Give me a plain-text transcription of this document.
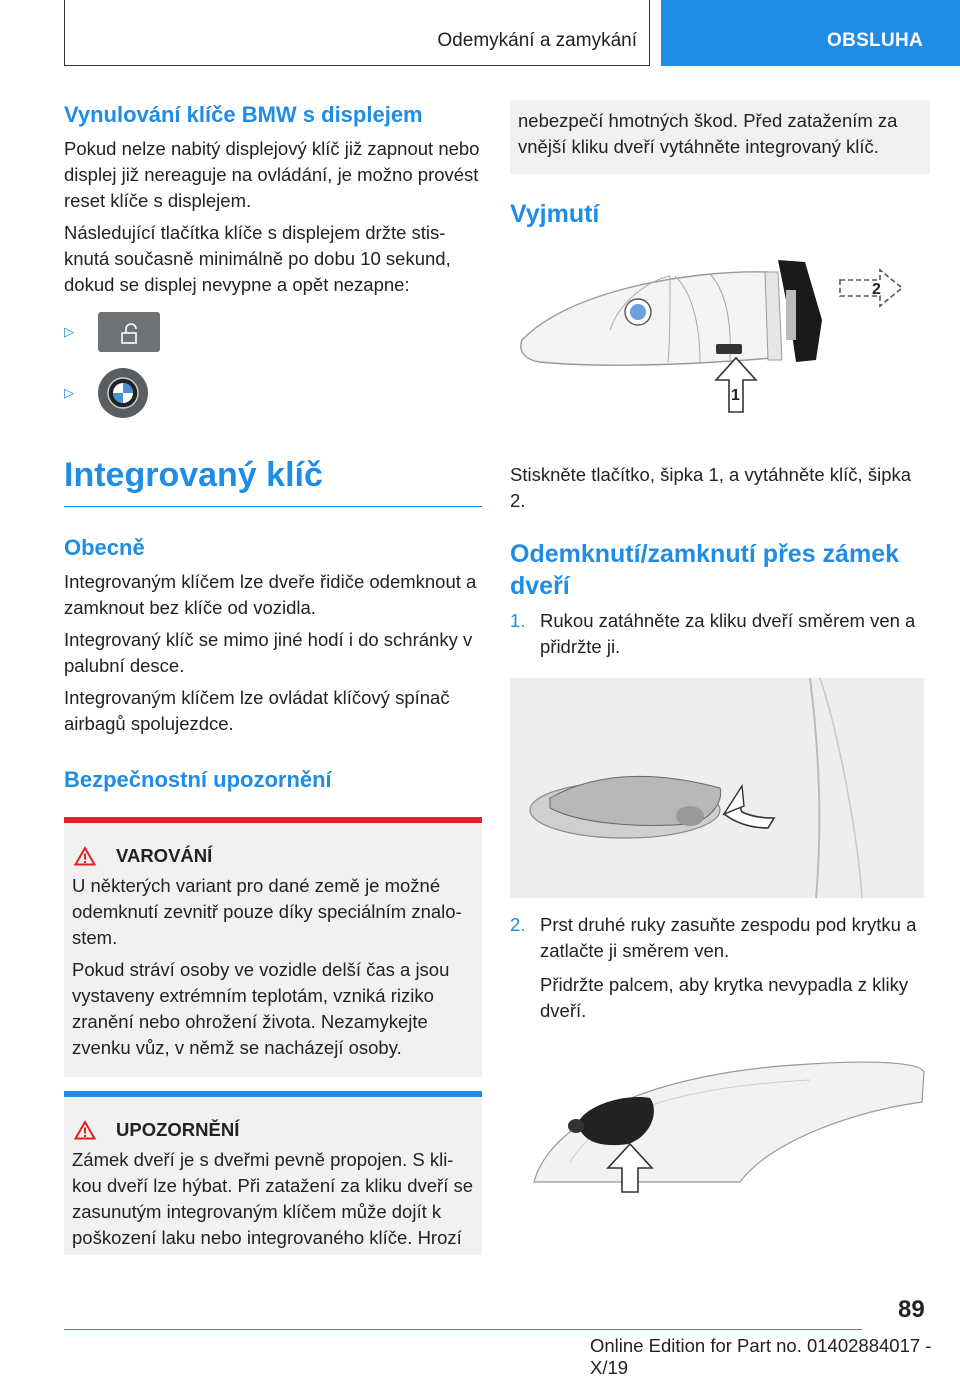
Odemykání a zamykání	OBSLUHA
Vynulování klíče BMW s displejem

Pokud nelze nabitý displejový klíč již zapnout nebo displej již nereaguje na ovládání, je možno provést reset klíče s displejem.

Následující tlačítka klíče s displejem držte stis-knutá současně minimálně po dobu 10 sekund, dokud se displej nevypne a opět nezapne:

▷
▷
Integrovaný klíč
Obecně

Integrovaným klíčem lze dveře řidiče odemknout a zamknout bez klíče od vozidla.

Integrovaný klíč se mimo jiné hodí i do schránky v palubní desce.

Integrovaným klíčem lze ovládat klíčový spínač airbagů spolujezdce.

Bezpečnostní upozornění
VAROVÁNÍ

U některých variant pro dané země je možné odemknutí zevnitř pouze díky speciálním znalo-stem.

Pokud stráví osoby ve vozidle delší čas a jsou vystaveny extrémním teplotám, vzniká riziko zranění nebo ohrožení života. Nezamykejte zvenku vůz, v němž se nacházejí osoby.

UPOZORNĚNÍ

Zámek dveří je s dveřmi pevně propojen. S kli-kou dveří lze hýbat. Při zatažení za kliku dveří se zasunutým integrovaným klíčem může dojít k poškození laku nebo integrovaného klíče. Hrozí

nebezpečí hmotných škod. Před zatažením za vnější kliku dveří vytáhněte integrovaný klíč.

Vyjmutí
2
1

Stiskněte tlačítko, šipka 1, a vytáhněte klíč, šipka 2.

Odemknutí/zamknutí přes zámek dveří
1. Rukou zatáhněte za kliku dveří směrem ven a přidržte ji.

2. Prst druhé ruky zasuňte zespodu pod krytku a zatlačte ji směrem ven.

Přidržte palcem, aby krytka nevypadla z kliky dveří.

89
Online Edition for Part no. 01402884017 - X/19
